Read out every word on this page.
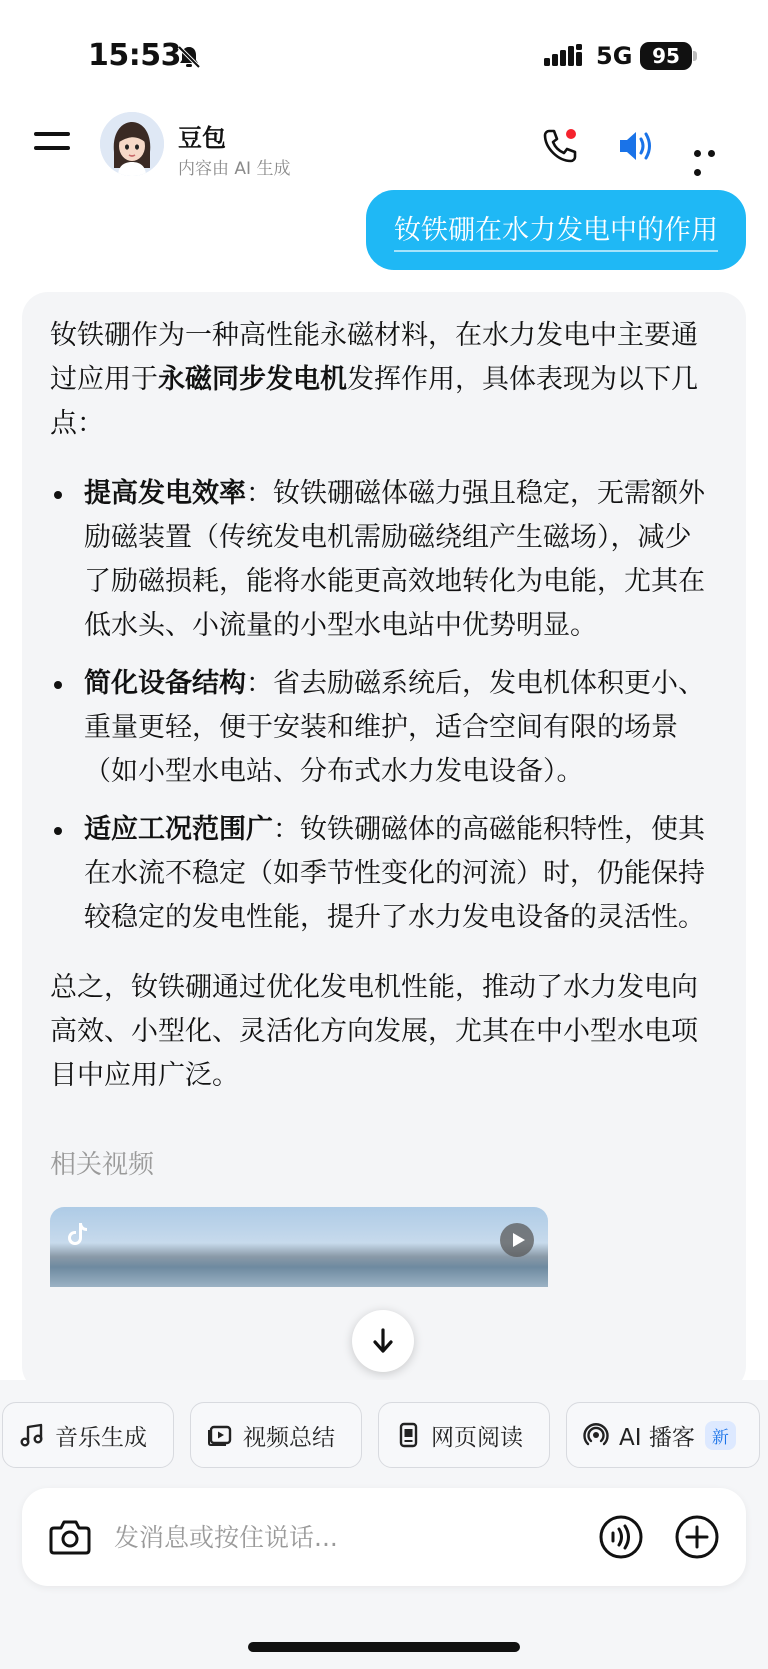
15:53	5G 95
豆包
内容由 AI 生成
钕铁硼在水力发电中的作用

钕铁硼作为一种高性能永磁材料，在水力发电中主要通过应用于永磁同步发电机发挥作用，具体表现为以下几点：

提高发电效率：钕铁硼磁体磁力强且稳定，无需额外励磁装置（传统发电机需励磁绕组产生磁场），减少了励磁损耗，能将水能更高效地转化为电能，尤其在低水头、小流量的小型水电站中优势明显。
简化设备结构：省去励磁系统后，发电机体积更小、重量更轻，便于安装和维护，适合空间有限的场景（如小型水电站、分布式水力发电设备）。
适应工况范围广：钕铁硼磁体的高磁能积特性，使其在水流不稳定（如季节性变化的河流）时，仍能保持较稳定的发电性能，提升了水力发电设备的灵活性。

总之，钕铁硼通过优化发电机性能，推动了水力发电向高效、小型化、灵活化方向发展，尤其在中小型水电项目中应用广泛。

相关视频
音乐生成	视频总结	网页阅读	AI 播客	新
发消息或按住说话...
